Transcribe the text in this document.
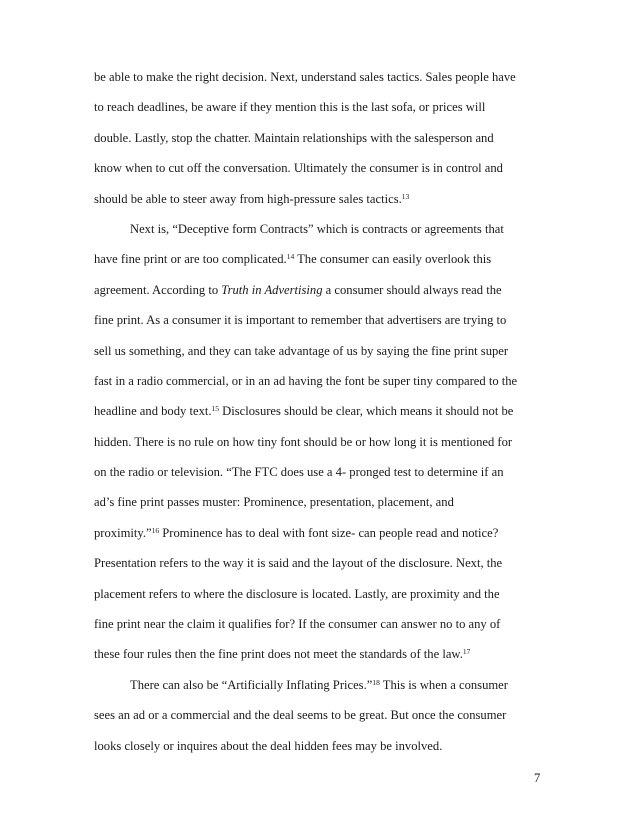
be able to make the right decision. Next, understand sales tactics. Sales people have
to reach deadlines, be aware if they mention this is the last sofa, or prices will
double. Lastly, stop the chatter. Maintain relationships with the salesperson and
know when to cut off the conversation. Ultimately the consumer is in control and
should be able to steer away from high-pressure sales tactics.$^{13}$
Next is, “Deceptive form Contracts” which is contracts or agreements that
have fine print or are too complicated.$^{14}$ The consumer can easily overlook this
agreement. According to Truth in Advertising a consumer should always read the
fine print. As a consumer it is important to remember that advertisers are trying to
sell us something, and they can take advantage of us by saying the fine print super
fast in a radio commercial, or in an ad having the font be super tiny compared to the
headline and body text.$^{15}$ Disclosures should be clear, which means it should not be
hidden. There is no rule on how tiny font should be or how long it is mentioned for
on the radio or television. “The FTC does use a 4- pronged test to determine if an
ad’s fine print passes muster: Prominence, presentation, placement, and
proximity.”$^{16}$ Prominence has to deal with font size- can people read and notice?
Presentation refers to the way it is said and the layout of the disclosure. Next, the
placement refers to where the disclosure is located. Lastly, are proximity and the
fine print near the claim it qualifies for? If the consumer can answer no to any of
these four rules then the fine print does not meet the standards of the law.$^{17}$
There can also be “Artificially Inflating Prices.”$^{18}$ This is when a consumer
sees an ad or a commercial and the deal seems to be great. But once the consumer
looks closely or inquires about the deal hidden fees may be involved.
7
